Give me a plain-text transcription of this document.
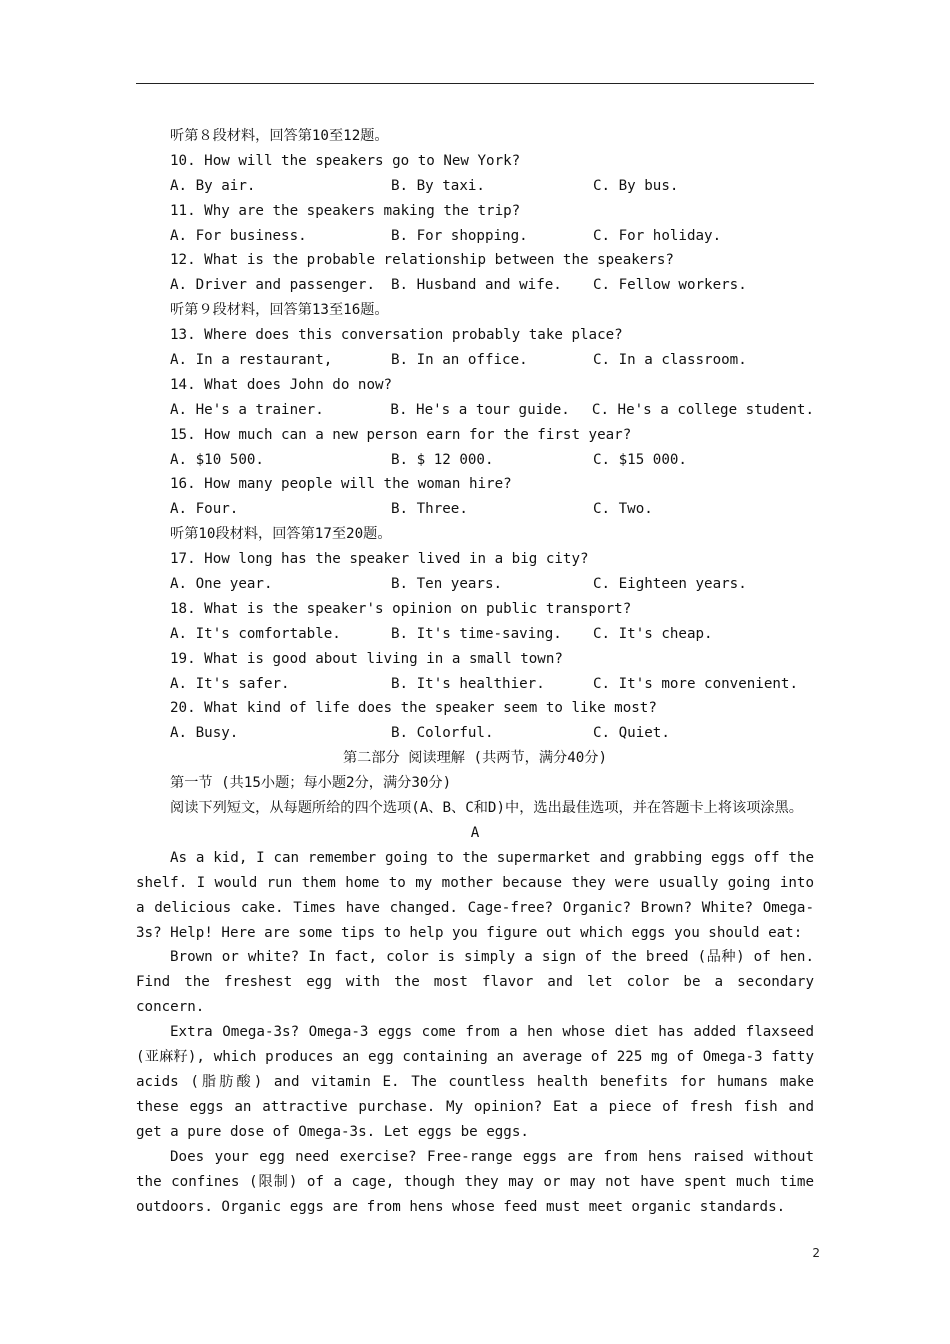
听第８段材料，回答第10至12题。
10. How will the speakers go to New York?
A. By air.	B. By taxi.	C. By bus.
11. Why are the speakers making the trip?
A. For business.	B. For shopping.	C. For holiday.
12. What is the probable relationship between the speakers?
A. Driver and passenger.	B. Husband and wife.	C. Fellow workers.
听第９段材料，回答第13至16题。
13. Where does this conversation probably take place?
A. In a restaurant,	B. In an office.	C. In a classroom.
14. What does John do now?
A. He's a trainer.	B. He's a tour guide.	C. He's a college student.
15. How much can a new person earn for the first year?
A. $10 500.	B. $ 12 000.	C. $15 000.
16. How many people will the woman hire?
A. Four.	B. Three.	C. Two.
听第10段材料，回答第17至20题。
17. How long has the speaker lived in a big city?
A. One year.	B. Ten years.	C. Eighteen years.
18. What is the speaker's opinion on public transport?
A. It's comfortable.	B. It's time-saving.	C. It's cheap.
19. What is good about living in a small town?
A. It's safer.	B. It's healthier.	C. It's more convenient.
20. What kind of life does the speaker seem to like most?
A. Busy.	B. Colorful.	C. Quiet.
第二部分 阅读理解 (共两节，满分40分)
第一节 (共15小题；每小题2分，满分30分)
阅读下列短文，从每题所给的四个选项(A、B、C和D)中，选出最佳选项，并在答题卡上将该项涂黑。
A
As a kid, I can remember going to the supermarket and grabbing eggs off the shelf. I would run them home to my mother because they were usually going into a delicious cake. Times have changed. Cage-free? Organic? Brown? White? Omega-3s? Help! Here are some tips to help you figure out which eggs you should eat:
Brown or white? In fact, color is simply a sign of the breed (品种) of hen. Find the freshest egg with the most flavor and let color be a secondary concern.
Extra Omega-3s? Omega-3 eggs come from a hen whose diet has added flaxseed (亚麻籽), which produces an egg containing an average of 225 mg of Omega-3 fatty acids (脂肪酸) and vitamin E. The countless health benefits for humans make these eggs an attractive purchase. My opinion? Eat a piece of fresh fish and get a pure dose of Omega-3s. Let eggs be eggs.
Does your egg need exercise? Free-range eggs are from hens raised without the confines (限制) of a cage, though they may or may not have spent much time outdoors. Organic eggs are from hens whose feed must meet organic standards.
2
